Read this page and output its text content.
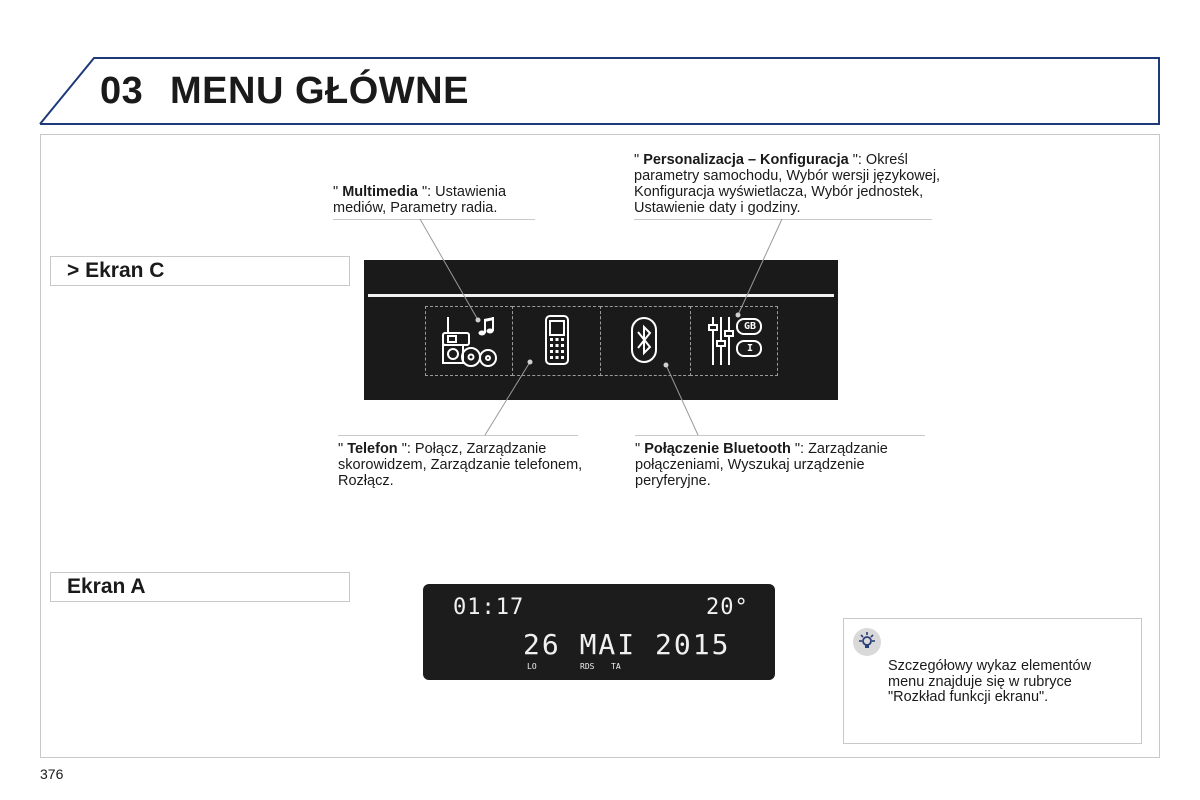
03 MENU GŁÓWNE
> Ekran C
Ekran A
" Multimedia ": Ustawienia mediów, Parametry radia.
" Personalizacja – Konfiguracja ": Określ parametry samochodu, Wybór wersji językowej, Konfiguracja wyświetlacza, Wybór jednostek, Ustawienie daty i godziny.
" Telefon ": Połącz, Zarządzanie skorowidzem, Zarządzanie telefonem, Rozłącz.
" Połączenie Bluetooth ": Zarządzanie połączeniami, Wyszukaj urządzenie peryferyjne.
GB
I
01:17	20°
26 MAI 2015
LO	RDS TA	Szczegółowy wykaz elementów menu znajduje się w rubryce "Rozkład funkcji ekranu".
376
